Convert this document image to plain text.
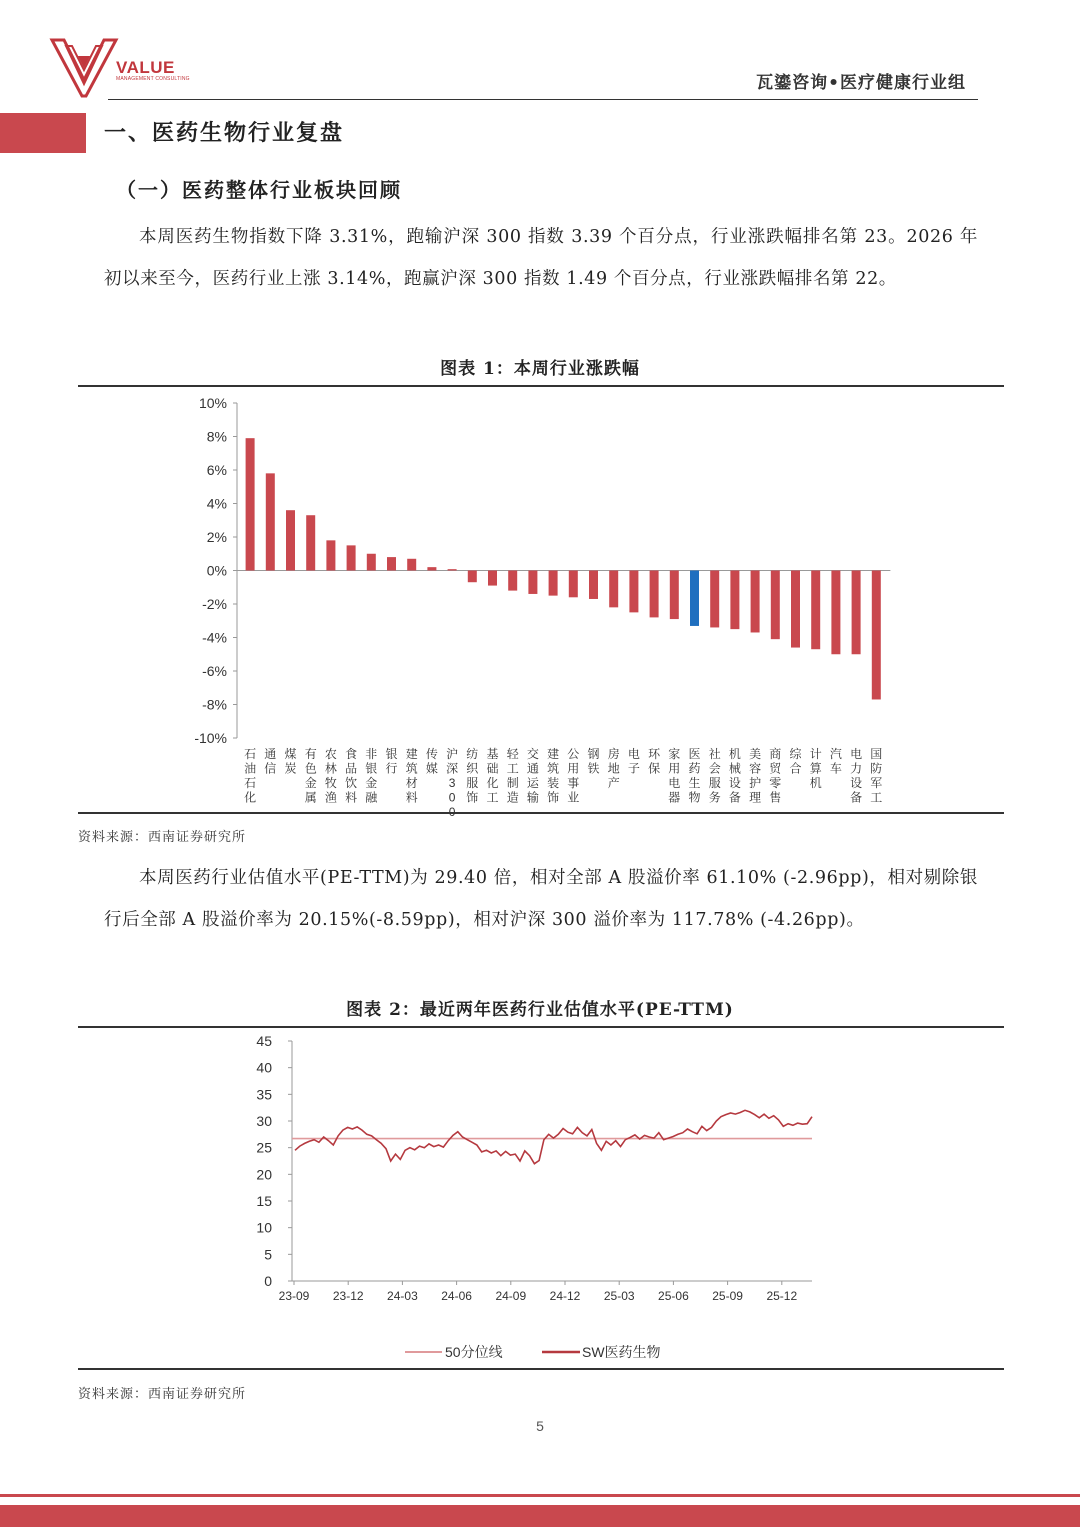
VALUE
MANAGEMENT CONSULTING	瓦鎏咨询•医疗健康行业组
一、医药生物行业复盘
（一）医药整体行业板块回顾
本周医药生物指数下降 3.31%，跑输沪深 300 指数 3.39 个百分点，行业涨跌幅排名第 23。2026 年初以来至今，医药行业上涨 3.14%，跑赢沪深 300 指数 1.49 个百分点，行业涨跌幅排名第 22。
图表 1：本周行业涨跌幅
10%
8%
6%
4%
2%
0%
-2%
-4%
-6%
-8%
-10%
石油石化
通信
煤炭
有色金属
农林牧渔
食品饮料
非银金融
银行
建筑材料
传媒
沪深 3 0
纺织服饰
基础化工
轻工制造
交通运输
建筑装饰
公用事业
钢铁
房地产
电子
环保
家用电器
医药生物
社会服务
机械设备
美容护理
商贸零售
综合
计算机
汽车
电力设备
国防军工
资料来源：西南证券研究所
本周医药行业估值水平(PE-TTM)为 29.40 倍，相对全部 A 股溢价率 61.10% (-2.96pp)，相对剔除银行后全部 A 股溢价率为 20.15%(-8.59pp)，相对沪深 300 溢价率为 117.78% (-4.26pp)。
图表 2：最近两年医药行业估值水平(PE-TTM)
45
40
35
30
25
20
15
10
5
0
23-09 23-12 24-03 24-06 24-09 24-12 25-03 25-06 25-09 25-12
50分位线	SW医药生物
资料来源：西南证券研究所
5
